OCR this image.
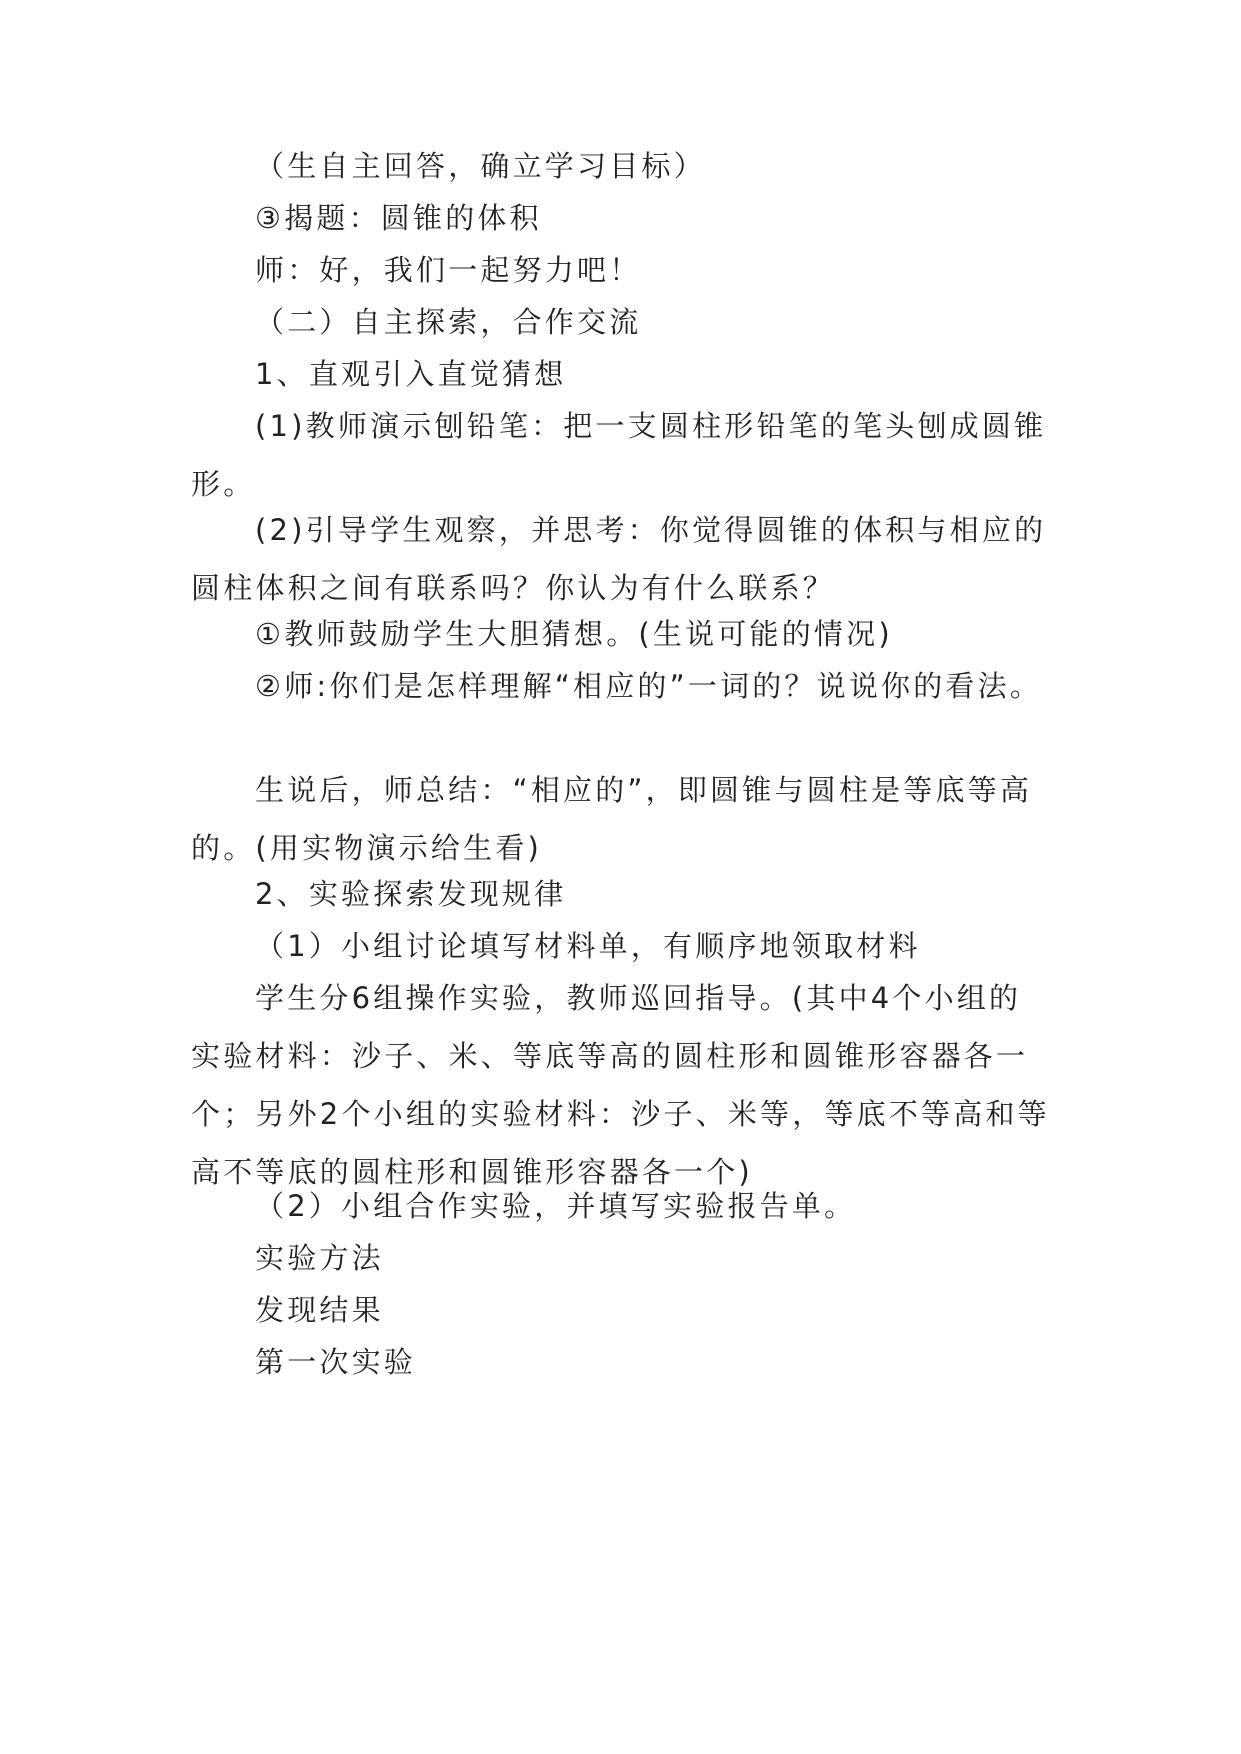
（生自主回答，确立学习目标）

③揭题：圆锥的体积

师：好，我们一起努力吧！

（二）自主探索，合作交流

1、直观引入直觉猜想

(1)教师演示刨铅笔：把一支圆柱形铅笔的笔头刨成圆锥形。

(2)引导学生观察，并思考：你觉得圆锥的体积与相应的圆柱体积之间有联系吗？你认为有什么联系？

①教师鼓励学生大胆猜想。(生说可能的情况)

②师:你们是怎样理解“相应的”一词的？说说你的看法。

生说后，师总结：“相应的”，即圆锥与圆柱是等底等高的。(用实物演示给生看)

2、实验探索发现规律

（1）小组讨论填写材料单，有顺序地领取材料

学生分6组操作实验，教师巡回指导。(其中4个小组的实验材料：沙子、米、等底等高的圆柱形和圆锥形容器各一个；另外2个小组的实验材料：沙子、米等，等底不等高和等高不等底的圆柱形和圆锥形容器各一个)

（2）小组合作实验，并填写实验报告单。

实验方法

发现结果

第一次实验
